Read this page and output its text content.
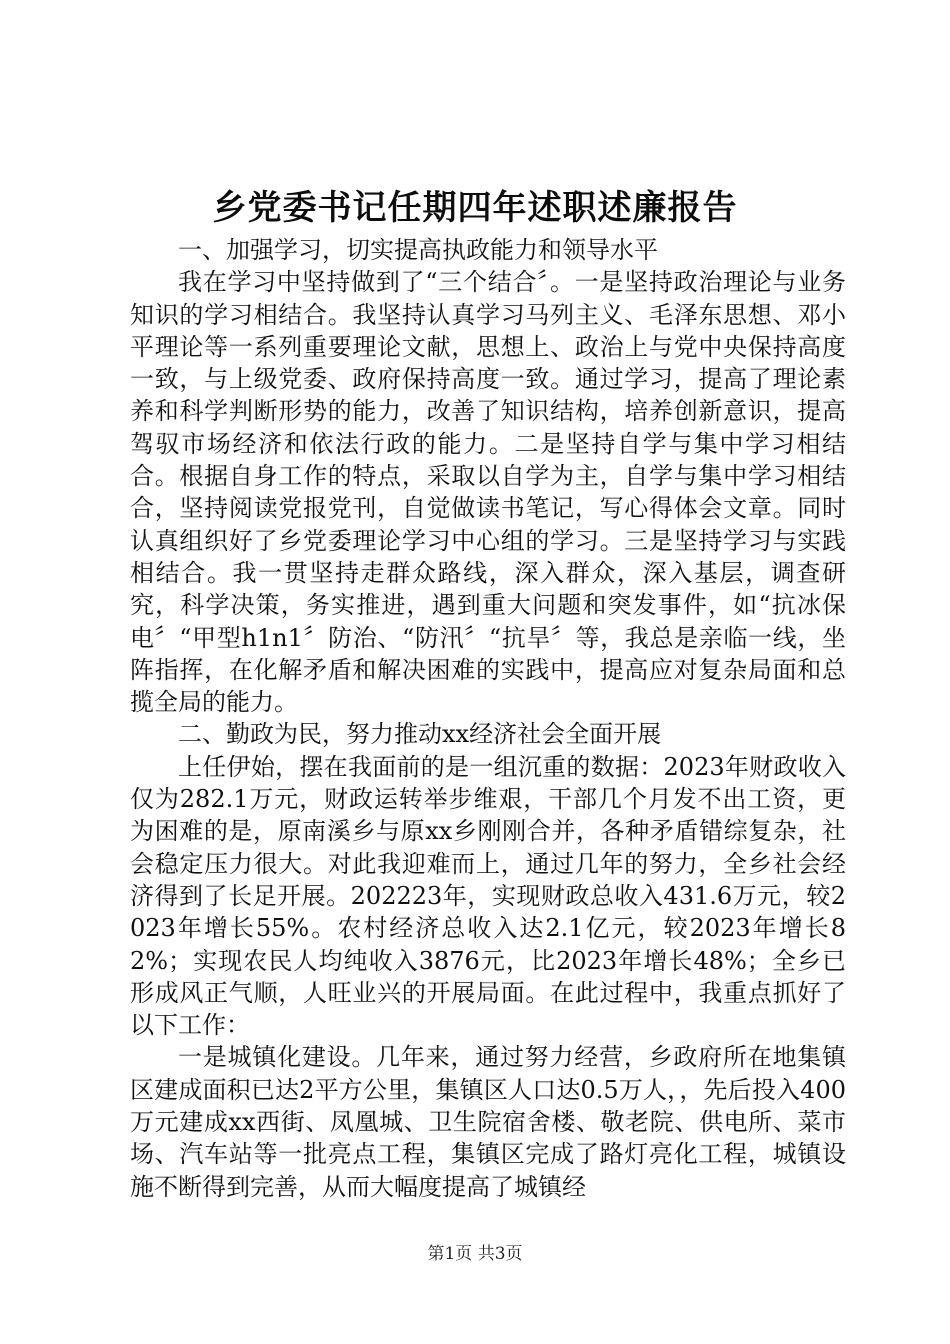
乡党委书记任期四年述职述廉报告

一、加强学习，切实提高执政能力和领导水平

我在学习中坚持做到了“三个结合〞。一是坚持政治理论与业务知识的学习相结合。我坚持认真学习马列主义、毛泽东思想、邓小平理论等一系列重要理论文献，思想上、政治上与党中央保持高度一致，与上级党委、政府保持高度一致。通过学习，提高了理论素养和科学判断形势的能力，改善了知识结构，培养创新意识，提高驾驭市场经济和依法行政的能力。二是坚持自学与集中学习相结合。根据自身工作的特点，采取以自学为主，自学与集中学习相结合，坚持阅读党报党刊，自觉做读书笔记，写心得体会文章。同时认真组织好了乡党委理论学习中心组的学习。三是坚持学习与实践相结合。我一贯坚持走群众路线，深入群众，深入基层，调查研究，科学决策，务实推进，遇到重大问题和突发事件，如“抗冰保电〞“甲型h1n1〞防治、“防汛〞“抗旱〞等，我总是亲临一线，坐阵指挥，在化解矛盾和解决困难的实践中，提高应对复杂局面和总揽全局的能力。

二、勤政为民，努力推动xx经济社会全面开展

上任伊始，摆在我面前的是一组沉重的数据：2023年财政收入仅为282.1万元，财政运转举步维艰，干部几个月发不出工资，更为困难的是，原南溪乡与原xx乡刚刚合并，各种矛盾错综复杂，社会稳定压力很大。对此我迎难而上，通过几年的努力，全乡社会经济得到了长足开展。202223年，实现财政总收入431.6万元，较2023年增长55%。农村经济总收入达2.1亿元，较2023年增长82%；实现农民人均纯收入3876元，比2023年增长48%；全乡已形成风正气顺，人旺业兴的开展局面。在此过程中，我重点抓好了以下工作：

一是城镇化建设。几年来，通过努力经营，乡政府所在地集镇区建成面积已达2平方公里，集镇区人口达0.5万人，，先后投入400万元建成xx西街、凤凰城、卫生院宿舍楼、敬老院、供电所、菜市场、汽车站等一批亮点工程，集镇区完成了路灯亮化工程，城镇设施不断得到完善，从而大幅度提高了城镇经

第1页 共3页
